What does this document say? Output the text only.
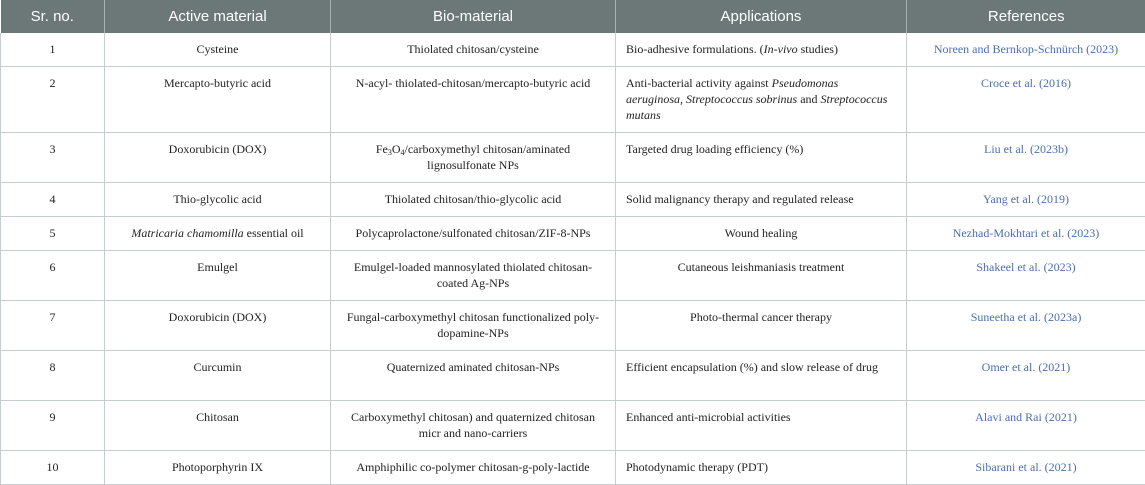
Sr. no.	Active material	Bio-material	Applications	References
1	Cysteine	Thiolated chitosan/cysteine	Bio-adhesive formulations. (In-vivo studies)	Noreen and Bernkop-Schnürch (2023)
2	Mercapto-butyric acid	N-acyl- thiolated-chitosan/mercapto-butyric acid	Anti-bacterial activity against Pseudomonas aeruginosa, Streptococcus sobrinus and Streptococcus mutans	Croce et al. (2016)
3	Doxorubicin (DOX)	$Fe_3O_4$/carboxymethyl chitosan/aminated lignosulfonate NPs	Targeted drug loading efficiency (%)	Liu et al. (2023b)
4	Thio-glycolic acid	Thiolated chitosan/thio-glycolic acid	Solid malignancy therapy and regulated release	Yang et al. (2019)
5	Matricaria chamomilla essential oil	Polycaprolactone/sulfonated chitosan/ZIF-8-NPs	Wound healing	Nezhad-Mokhtari et al. (2023)
6	Emulgel	Emulgel-loaded mannosylated thiolated chitosan-coated Ag-NPs	Cutaneous leishmaniasis treatment	Shakeel et al. (2023)
7	Doxorubicin (DOX)	Fungal-carboxymethyl chitosan functionalized poly-dopamine-NPs	Photo-thermal cancer therapy	Suneetha et al. (2023a)
8	Curcumin	Quaternized aminated chitosan-NPs	Efficient encapsulation (%) and slow release of drug	Omer et al. (2021)
9	Chitosan	Carboxymethyl chitosan) and quaternized chitosan micr and nano-carriers	Enhanced anti-microbial activities	Alavi and Rai (2021)
10	Photoporphyrin IX	Amphiphilic co-polymer chitosan-g-poly-lactide	Photodynamic therapy (PDT)	Sibarani et al. (2021)
